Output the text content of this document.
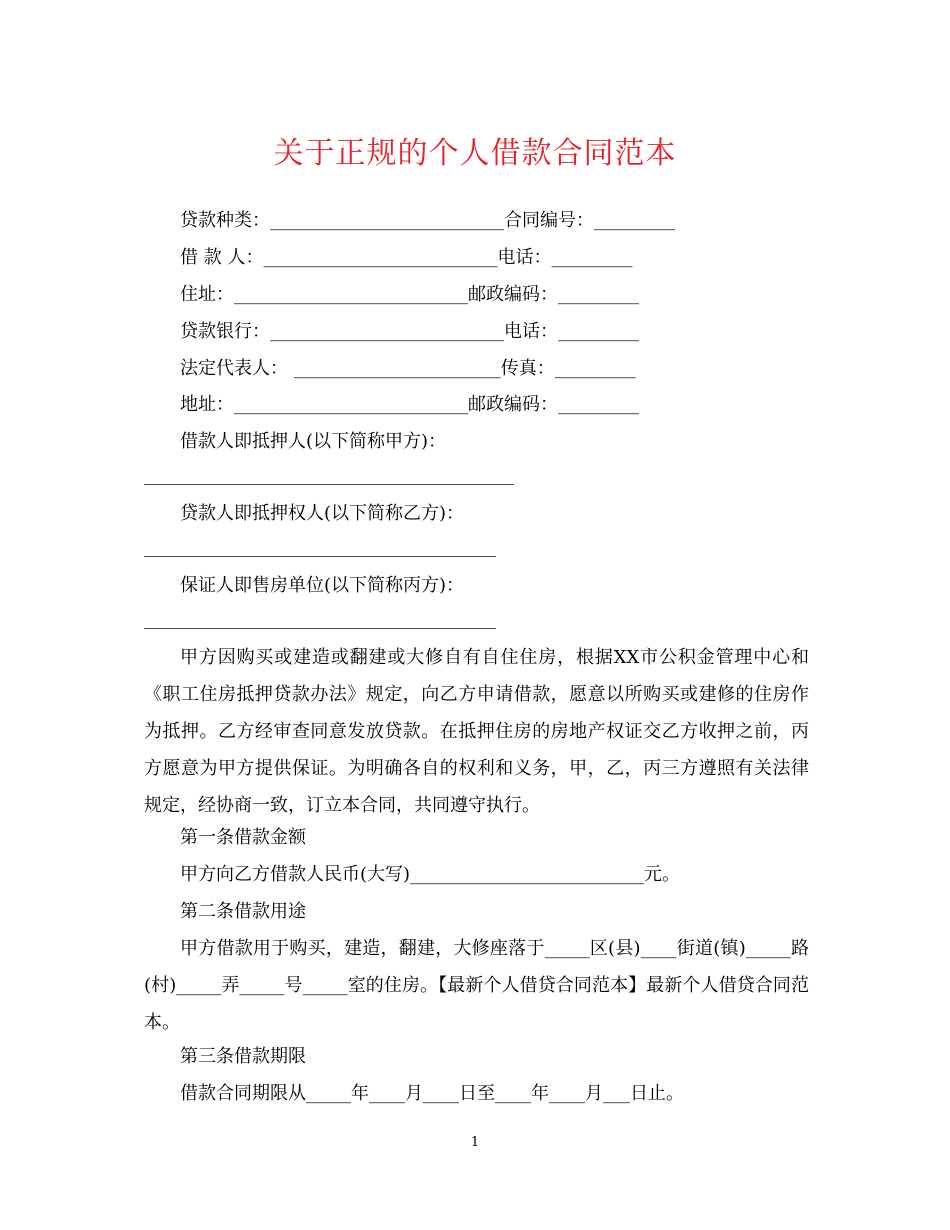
关于正规的个人借款合同范本
贷款种类：__________________________合同编号：_________
借 款 人：__________________________电话：_________
住址：__________________________邮政编码：_________
贷款银行：__________________________电话：_________
法定代表人： _______________________传真：_________
地址：__________________________邮政编码：_________
借款人即抵押人(以下简称甲方)：
贷款人即抵押权人(以下简称乙方)：
保证人即售房单位(以下简称丙方)：
甲方因购买或建造或翻建或大修自有自住住房，根据XX市公积金管理中心和《职工住房抵押贷款办法》规定，向乙方申请借款，愿意以所购买或建修的住房作为抵押。乙方经审查同意发放贷款。在抵押住房的房地产权证交乙方收押之前，丙方愿意为甲方提供保证。为明确各自的权利和义务，甲，乙，丙三方遵照有关法律规定，经协商一致，订立本合同，共同遵守执行。
第一条借款金额
甲方向乙方借款人民币(大写)__________________________元。
第二条借款用途
甲方借款用于购买，建造，翻建，大修座落于_____区(县)____街道(镇)_____路(村)_____弄_____号_____室的住房。【最新个人借贷合同范本】最新个人借贷合同范本。
第三条借款期限
借款合同期限从_____年____月____日至____年____月___日止。
1
